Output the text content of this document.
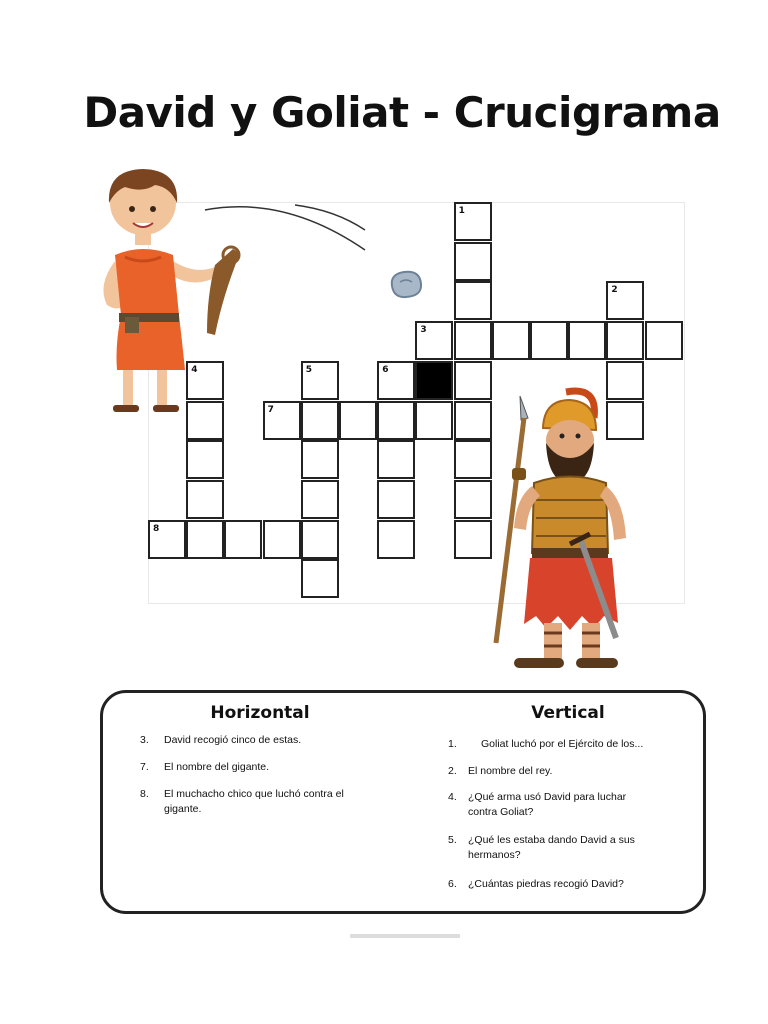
David y Goliat - Crucigrama
1
2
3
4	5	6
7
8
Horizontal	Vertical
3. David recogió cinco de estas.
7. El nombre del gigante.
8. El muchacho chico que luchó contra el
gigante.
1. Goliat luchó por el Ejército de los...
2. El nombre del rey.
4. ¿Qué arma usó David para luchar
contra Goliat?
5. ¿Qué les estaba dando David a sus
hermanos?
6. ¿Cuántas piedras recogió David?
